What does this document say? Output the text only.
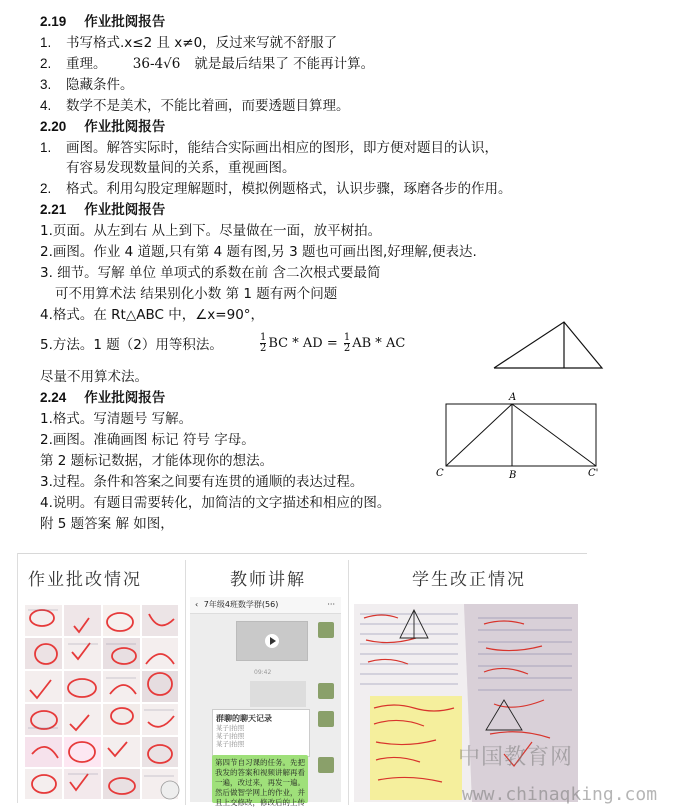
2.19 作业批阅报告
1. 书写格式.x≤2 且 x≠0，反过来写就不舒服了
2. 重理。 36-4√6 就是最后结果了 不能再计算。
3. 隐藏条件。
4. 数学不是美术，不能比着画，而要透题目算理。
2.20 作业批阅报告
1. 画图。解答实际时，能结合实际画出相应的图形，即方便对题目的认识，
有容易发现数量间的关系，重视画图。
2. 格式。利用勾股定理解题时，模拟例题格式，认识步骤，琢磨各步的作用。
2.21 作业批阅报告
1.页面。从左到右 从上到下。尽量做在一面，放平树拍。
2.画图。作业 4 道题,只有第 4 题有图,另 3 题也可画出图,好理解,便表达.
3. 细节。写解 单位 单项式的系数在前 含二次根式要最简
可不用算术法 结果别化小数 第 1 题有两个问题
4.格式。在 Rt△ABC 中，∠x=90°，
5.方法。1 题（2）用等积法。	$\frac{1}{2}$ BC * AD = $\frac{1}{2}$ AB * AC
尽量不用算术法。
2.24 作业批阅报告
1.格式。写清题号 写解。
2.画图。准确画图 标记 符号 字母。
第 2 题标记数据，才能体现你的想法。
3.过程。条件和答案之间要有连贯的通顺的表达过程。
4.说明。有题目需要转化，加简洁的文字描述和相应的图。
附 5 题答案 解 如图，
A
C	B	C'
作业批改情况	教师讲解	学生改正情况
‹ 7年级4班数学群(56)	···
09:42
群聊的聊天记录
某子|拍照
某子|拍照
某子|拍照
第四节自习课的任务。先把我发的答案和视频讲解再看一遍，改过来，再发一遍。然后做智学网上的作业，并且上交修改，修改后的上传
中国教育网
www.chinaqking.com
